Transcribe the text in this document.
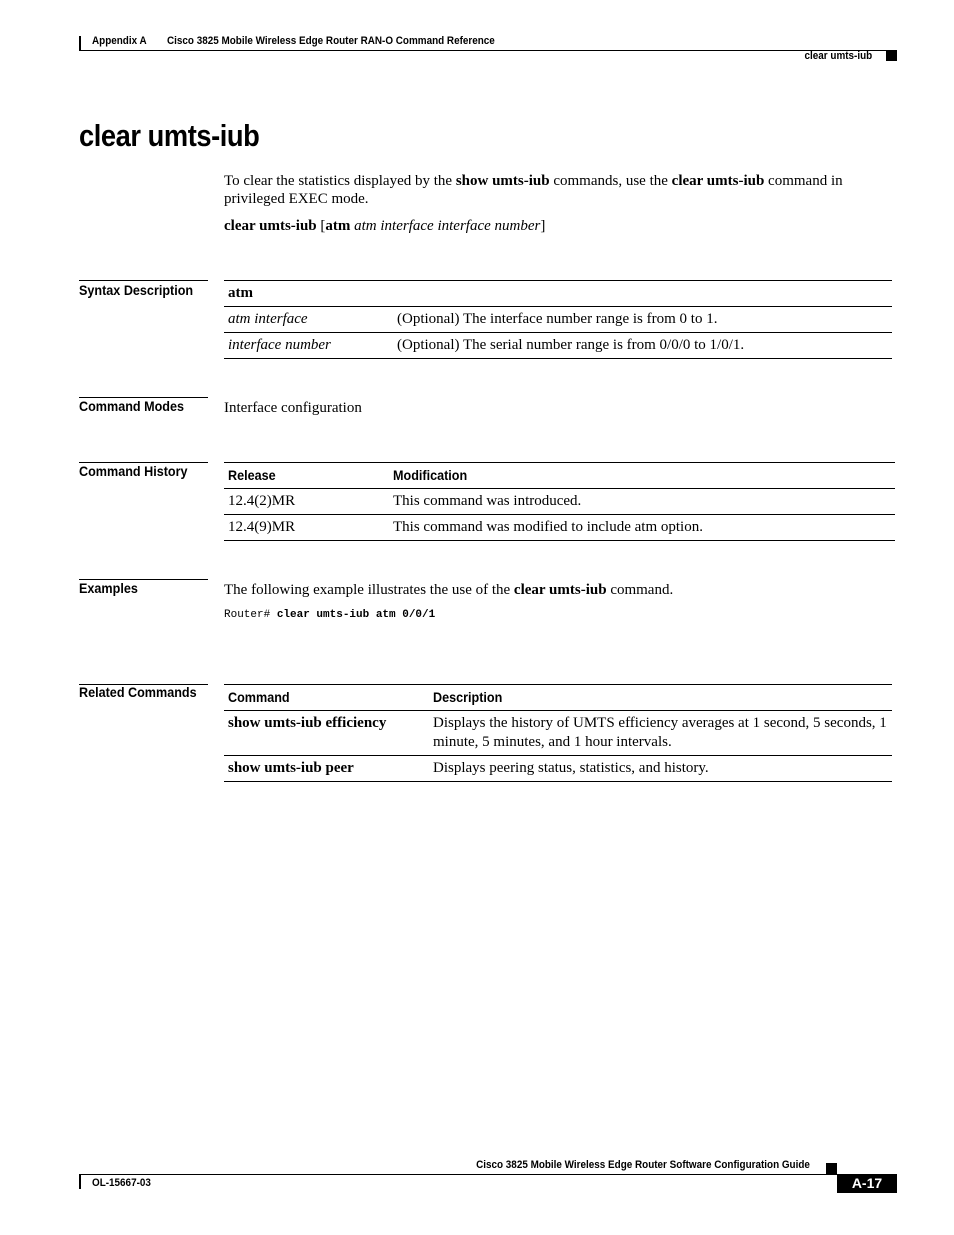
Appendix A Cisco 3825 Mobile Wireless Edge Router RAN-O Command Reference
clear umts-iub
clear umts-iub
To clear the statistics displayed by the show umts-iub commands, use the clear umts-iub command in privileged EXEC mode.
clear umts-iub [atm atm interface interface number]
Syntax Description atm	
atm interface	(Optional) The interface number range is from 0 to 1.
interface number	(Optional) The serial number range is from 0/0/0 to 1/0/1.
Command Modes	Interface configuration
Command History	Release	Modification
12.4(2)MR	This command was introduced.
12.4(9)MR	This command was modified to include atm option.
Examples	The following example illustrates the use of the clear umts-iub command.
Router# clear umts-iub atm 0/0/1
Related Commands Command	Description
show umts-iub efficiency	Displays the history of UMTS efficiency averages at 1 second, 5 seconds, 1 minute, 5 minutes, and 1 hour intervals.
show umts-iub peer	Displays peering status, statistics, and history.
Cisco 3825 Mobile Wireless Edge Router Software Configuration Guide
OL-15667-03	A-17
